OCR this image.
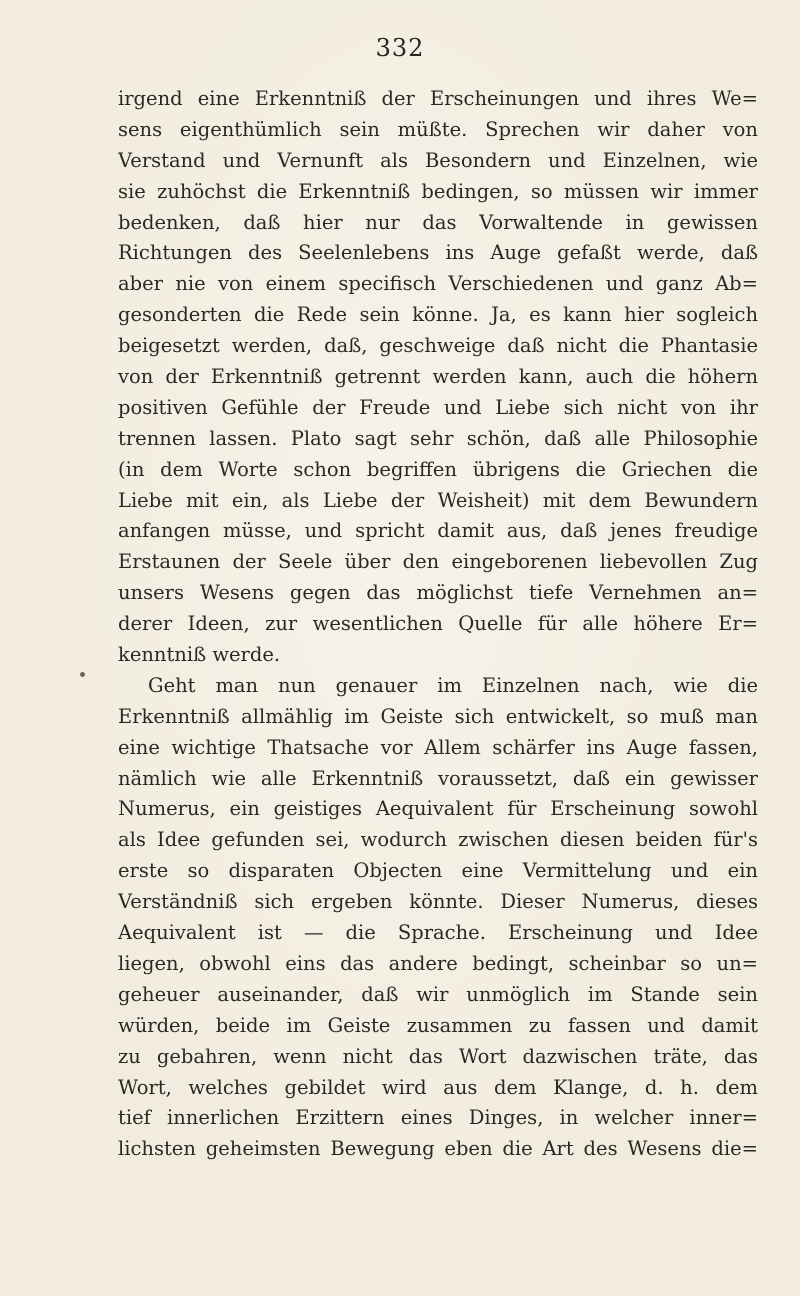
332
irgend eine Erkenntniß der Erscheinungen und ihres We=
sens eigenthümlich sein müßte. Sprechen wir daher von
Verstand und Vernunft als Besondern und Einzelnen, wie
sie zuhöchst die Erkenntniß bedingen, so müssen wir immer
bedenken, daß hier nur das Vorwaltende in gewissen
Richtungen des Seelenlebens ins Auge gefaßt werde, daß
aber nie von einem specifisch Verschiedenen und ganz Ab=
gesonderten die Rede sein könne. Ja, es kann hier sogleich
beigesetzt werden, daß, geschweige daß nicht die Phantasie
von der Erkenntniß getrennt werden kann, auch die höhern
positiven Gefühle der Freude und Liebe sich nicht von ihr
trennen lassen. Plato sagt sehr schön, daß alle Philosophie
(in dem Worte schon begriffen übrigens die Griechen die
Liebe mit ein, als Liebe der Weisheit) mit dem Bewundern
anfangen müsse, und spricht damit aus, daß jenes freudige
Erstaunen der Seele über den eingeborenen liebevollen Zug
unsers Wesens gegen das möglichst tiefe Vernehmen an=
derer Ideen, zur wesentlichen Quelle für alle höhere Er=
kenntniß werde.
Geht man nun genauer im Einzelnen nach, wie die
Erkenntniß allmählig im Geiste sich entwickelt, so muß man
eine wichtige Thatsache vor Allem schärfer ins Auge fassen,
nämlich wie alle Erkenntniß voraussetzt, daß ein gewisser
Numerus, ein geistiges Aequivalent für Erscheinung sowohl
als Idee gefunden sei, wodurch zwischen diesen beiden für's
erste so disparaten Objecten eine Vermittelung und ein
Verständniß sich ergeben könnte. Dieser Numerus, dieses
Aequivalent ist — die Sprache. Erscheinung und Idee
liegen, obwohl eins das andere bedingt, scheinbar so un=
geheuer auseinander, daß wir unmöglich im Stande sein
würden, beide im Geiste zusammen zu fassen und damit
zu gebahren, wenn nicht das Wort dazwischen träte, das
Wort, welches gebildet wird aus dem Klange, d. h. dem
tief innerlichen Erzittern eines Dinges, in welcher inner=
lichsten geheimsten Bewegung eben die Art des Wesens die=
